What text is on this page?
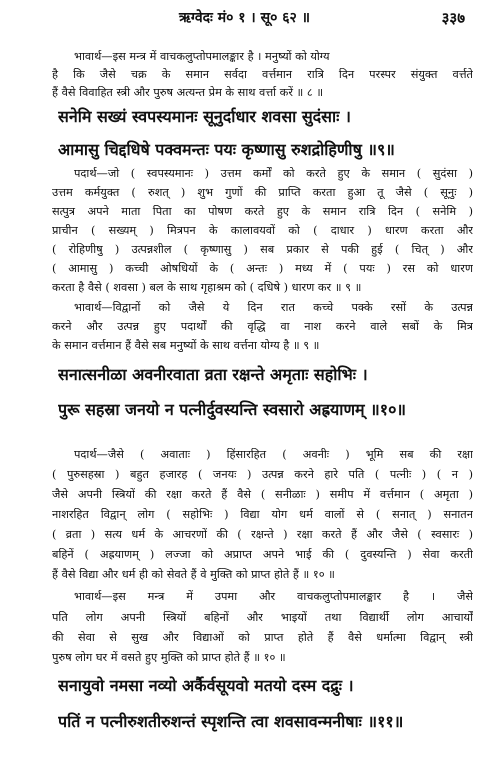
ऋग्वेदः मं० १ । सू० ६२ ॥	३३७
भावार्थ—इस मन्त्र में वाचकलुप्तोपमालङ्कार है । मनुष्यों को योग्य
है कि जैसे चक्र के समान सर्वदा वर्त्तमान रात्रि दिन परस्पर संयुक्त वर्त्तते
हैं वैसे विवाहित स्त्री और पुरुष अत्यन्त प्रेम के साथ वर्त्ता करें ॥ ८ ॥
सनेमि सख्यं स्वपस्यमानः सूनुर्दाधार शवसा सुदंसाः ।
आमासु चिद्दधिषे पक्वमन्तः पयः कृष्णासु रुशद्रोहिणीषु ॥९॥
पदार्थ—जो ( स्वपस्यमानः ) उत्तम कर्मों को करते हुए के समान ( सुदंसा )
उत्तम कर्मयुक्त ( रुशत् ) शुभ गुणों की प्राप्ति करता हुआ तू जैसे ( सूनुः )
सत्पुत्र अपने माता पिता का पोषण करते हुए के समान रात्रि दिन ( सनेमि )
प्राचीन ( सख्यम् ) मित्रपन के कालावयवों को ( दाधार ) धारण करता और
( रोहिणीषु ) उत्पन्नशील ( कृष्णासु ) सब प्रकार से पकी हुई ( चित् ) और
( आमासु ) कच्ची ओषधियों के ( अन्तः ) मध्य में ( पयः ) रस को धारण
करता है वैसे ( शवसा ) बल के साथ गृहाश्रम को ( दधिषे ) धारण कर ॥ ९ ॥
भावार्थ—विद्वानों को जैसे ये दिन रात कच्चे पक्के रसों के उत्पन्न
करने और उत्पन्न हुए पदार्थों की वृद्धि वा नाश करने वाले सबों के मित्र
के समान वर्त्तमान हैं वैसे सब मनुष्यों के साथ वर्त्तना योग्य है ॥ ९ ॥
सनात्सनीळा अवनीरवाता व्रता रक्षन्ते अमृताः सहोभिः ।
पुरू सहस्रा जनयो न पत्नीर्दुवस्यन्ति स्वसारो अह्रयाणम् ॥१०॥
पदार्थ—जैसे ( अवाताः ) हिंसारहित ( अवनीः ) भूमि सब की रक्षा
( पुरुसहस्रा ) बहुत हजारह ( जनयः ) उत्पन्न करने हारे पति ( पत्नीः ) ( न )
जैसे अपनी स्त्रियों की रक्षा करते हैं वैसे ( सनीळाः ) समीप में वर्त्तमान ( अमृता )
नाशरहित विद्वान् लोग ( सहोभिः ) विद्या योग धर्म वालों से ( सनात् ) सनातन
( व्रता ) सत्य धर्म के आचरणों की ( रक्षन्ते ) रक्षा करते हैं और जैसे ( स्वसारः )
बहिनें ( अह्रयाणम् ) लज्जा को अप्राप्त अपने भाई की ( दुवस्यन्ति ) सेवा करती
हैं वैसे विद्या और धर्म ही को सेवते हैं वे मुक्ति को प्राप्त होते हैं ॥ १० ॥
भावार्थ—इस मन्त्र में उपमा और वाचकलुप्तोपमालङ्कार है । जैसे
पति लोग अपनी स्त्रियों बहिनों और भाइयों तथा विद्यार्थी लोग आचार्यों
की सेवा से सुख और विद्याओं को प्राप्त होते हैं वैसे धर्मात्मा विद्वान् स्त्री
पुरुष लोग घर में वसते हुए मुक्ति को प्राप्त होते हैं ॥ १० ॥
सनायुवो नमसा नव्यो अर्कैर्वसूयवो मतयो दस्म दद्रुः ।
पतिं न पत्नीरुशतीरुशन्तं स्पृशन्ति त्वा शवसावन्मनीषाः ॥११॥
